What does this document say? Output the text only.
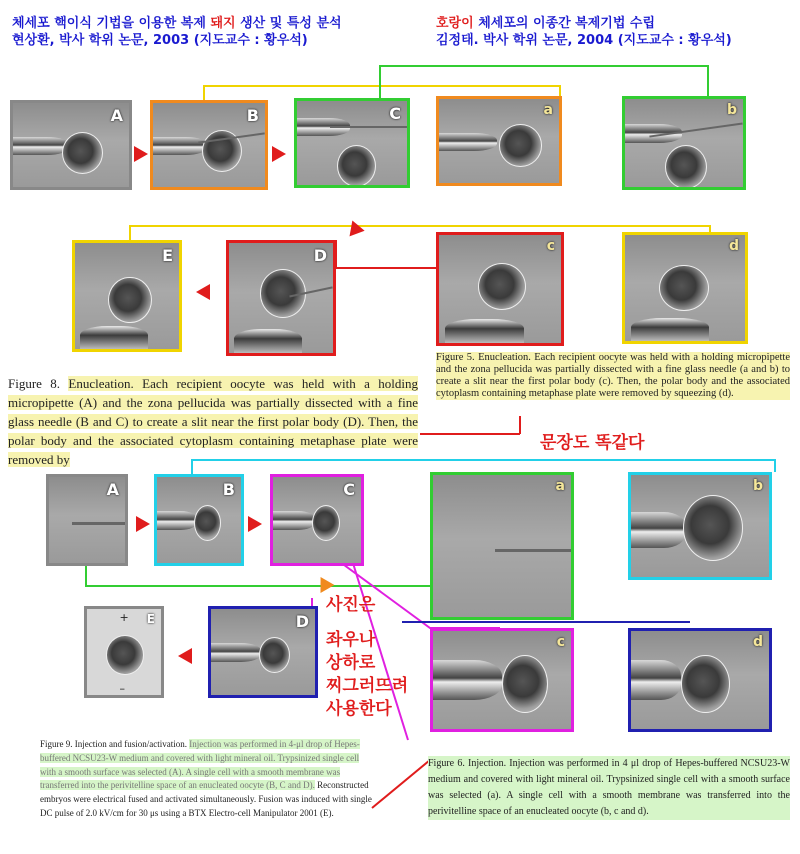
체세포 핵이식 기법을 이용한 복제 돼지 생산 및 특성 분석
현상환, 박사 학위 논문, 2003 (지도교수 : 황우석)
호랑이 체세포의 이종간 복제기법 수립
김정태. 박사 학위 논문, 2004 (지도교수 : 황우석)
A	B	C	a	b
E	D	c	d
Figure 8. Enucleation. Each recipient oocyte was held with a holding micropipette (A) and the zona pellucida was partially dissected with a fine glass needle (B and C) to create a slit near the first polar body (D). Then, the polar body and the associated cytoplasm containing metaphase plate were removed by
Figure 5. Enucleation. Each recipient oocyte was held with a holding micropipette and the zona pellucida was partially dissected with a fine glass needle (a and b) to create a slit near the first polar body (c). Then, the polar body and the associated cytoplasm containing metaphase plate were removed by squeezing (d).
문장도 똑같다
A	B	C	a	b
E
+
–
D
c	d
사진은
좌우나
상하로
찌그러뜨려
사용한다
Figure 9. Injection and fusion/activation. Injection was performed in 4-μl drop of Hepes-buffered NCSU23-W medium and covered with light mineral oil. Trypsinized single cell with a smooth surface was selected (A). A single cell with a smooth membrane was transferred into the perivitelline space of an enucleated oocyte (B, C and D). Reconstructed embryos were electrical fused and activated simultaneously. Fusion was induced with single DC pulse of 2.0 kV/cm for 30 μs using a BTX Electro-cell Manipulator 2001 (E).
Figure 6. Injection. Injection was performed in 4 μl drop of Hepes-buffered NCSU23-W medium and covered with light mineral oil. Trypsinized single cell with a smooth surface was selected (a). A single cell with a smooth membrane was transferred into the perivitelline space of an enucleated oocyte (b, c and d).
